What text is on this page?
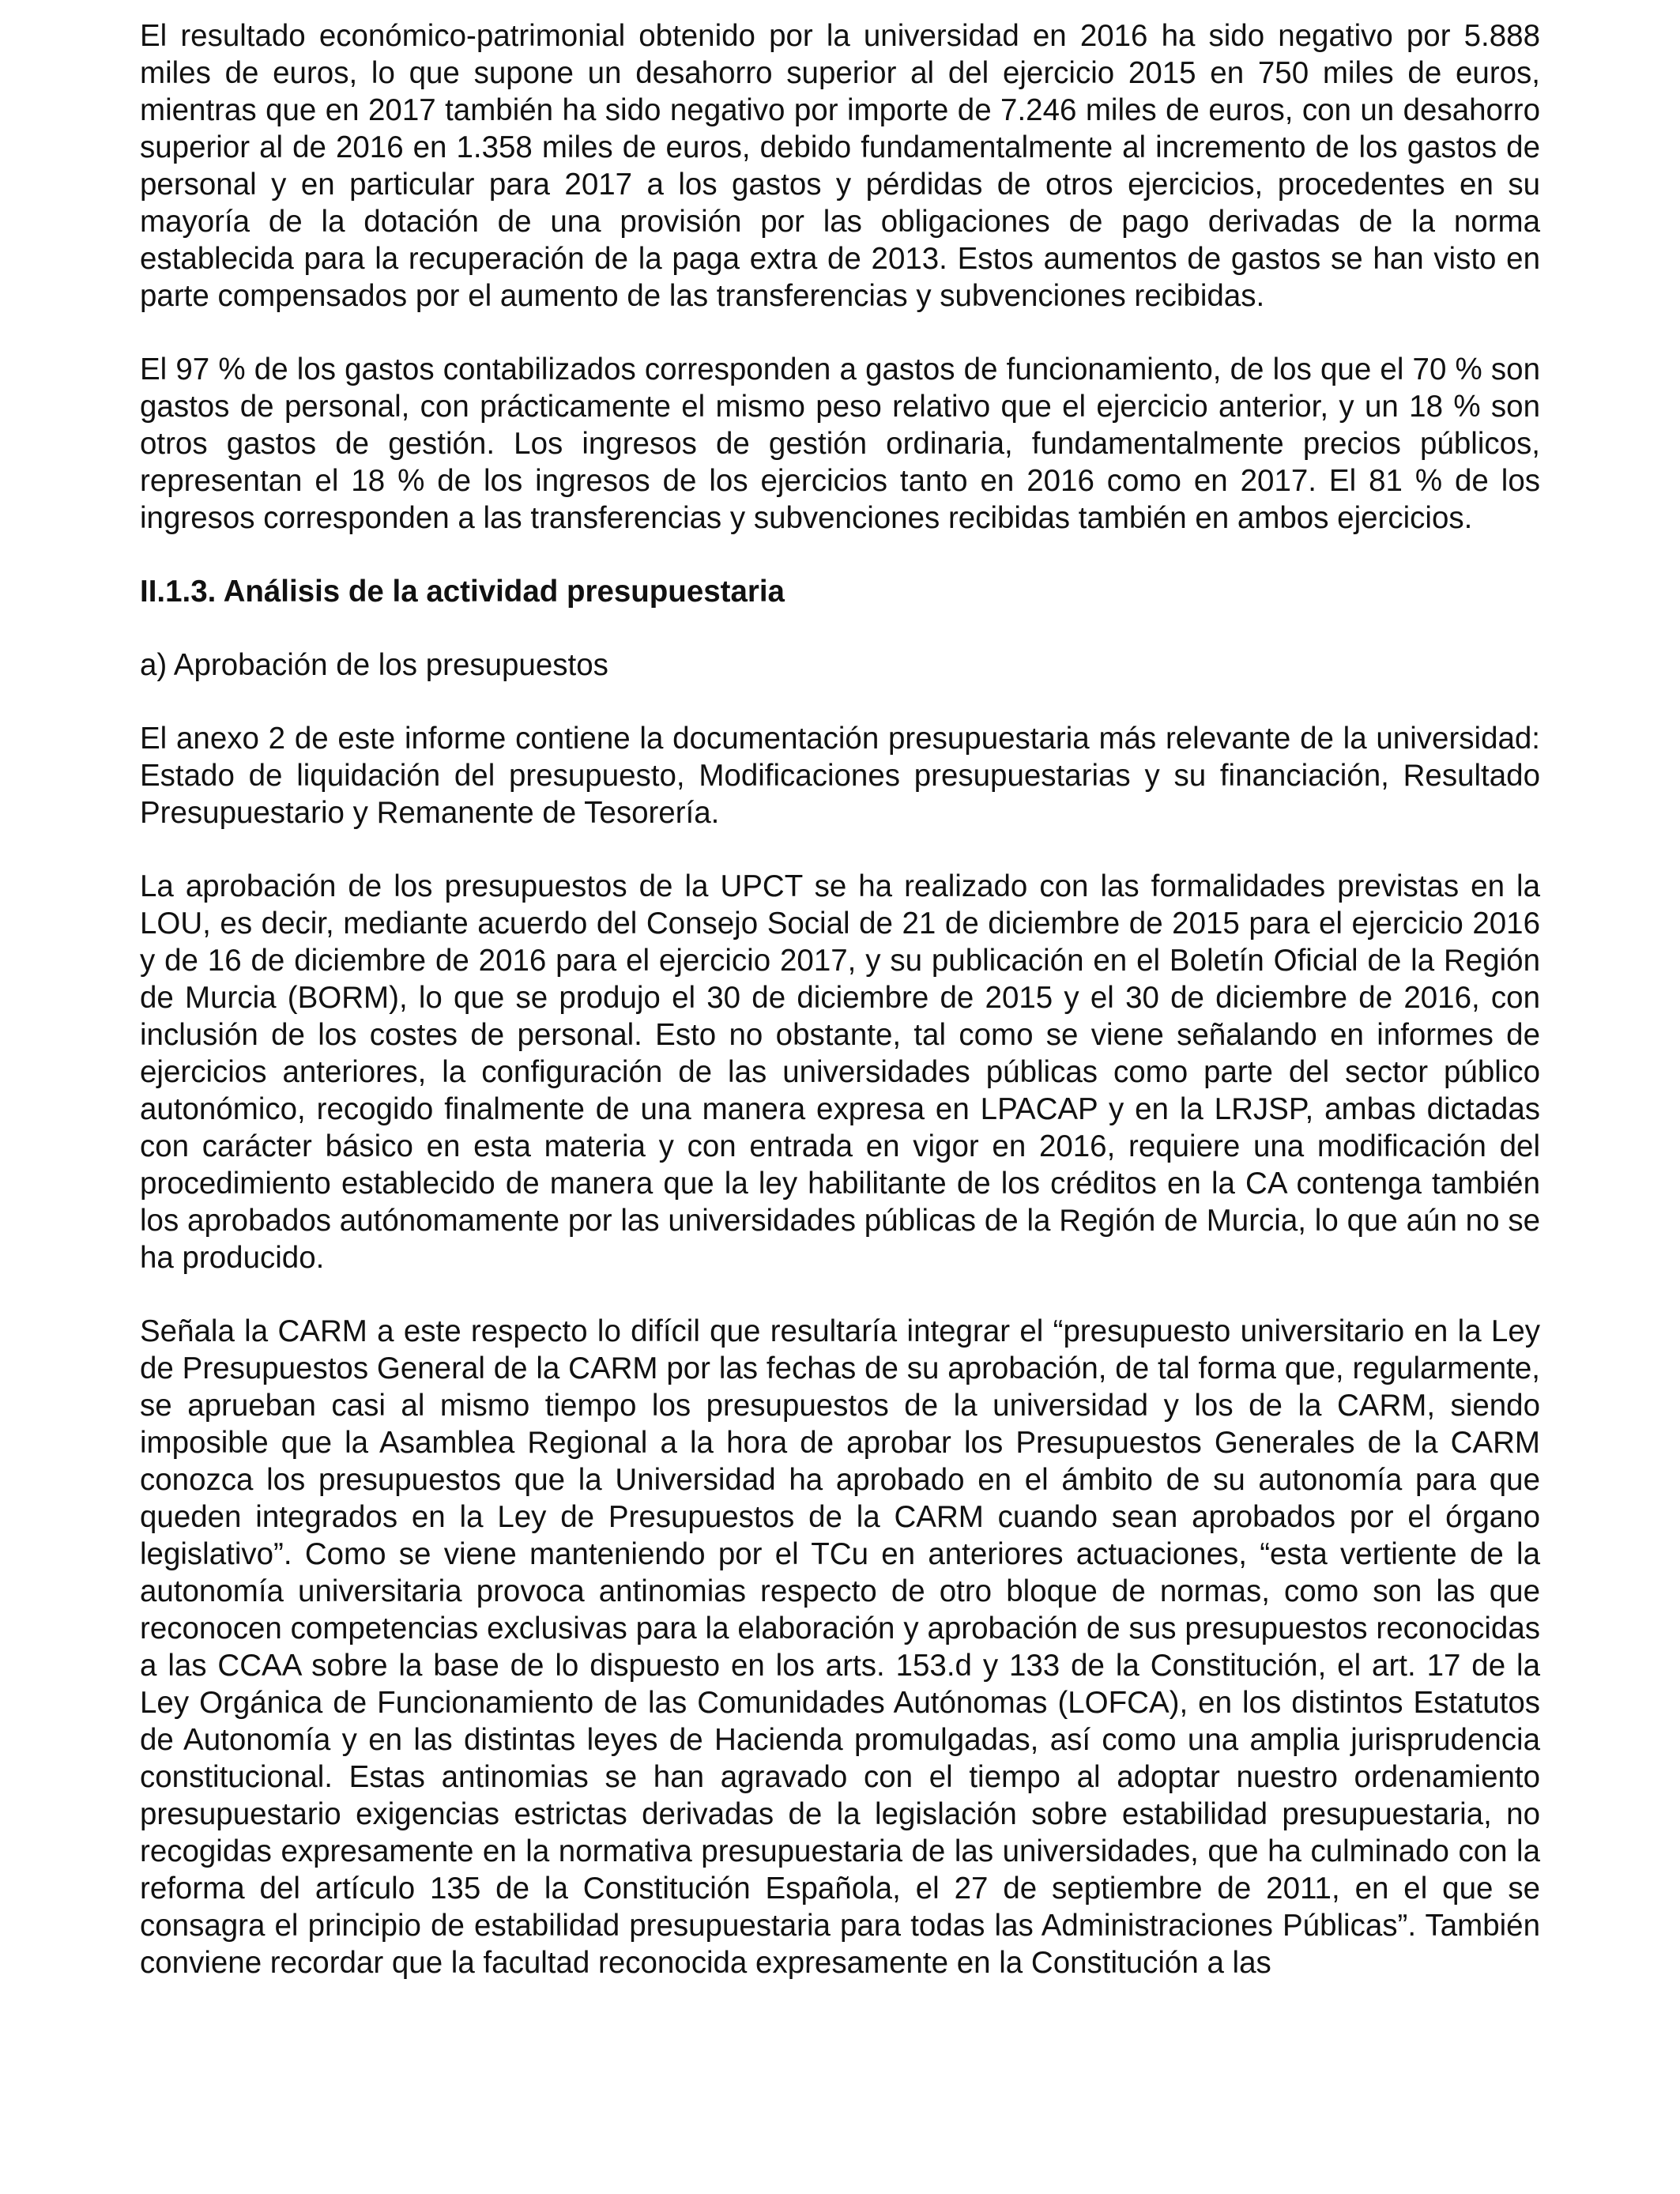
El resultado económico-patrimonial obtenido por la universidad en 2016 ha sido negativo por 5.888 miles de euros, lo que supone un desahorro superior al del ejercicio 2015 en 750 miles de euros, mientras que en 2017 también ha sido negativo por importe de 7.246 miles de euros, con un desahorro superior al de 2016 en 1.358 miles de euros, debido fundamentalmente al incremento de los gastos de personal y en particular para 2017 a los gastos y pérdidas de otros ejercicios, procedentes en su mayoría de la dotación de una provisión por las obligaciones de pago derivadas de la norma establecida para la recuperación de la paga extra de 2013. Estos aumentos de gastos se han visto en parte compensados por el aumento de las transferencias y subvenciones recibidas.

El 97 % de los gastos contabilizados corresponden a gastos de funcionamiento, de los que el 70 % son gastos de personal, con prácticamente el mismo peso relativo que el ejercicio anterior, y un 18 % son otros gastos de gestión. Los ingresos de gestión ordinaria, fundamentalmente precios públicos, representan el 18 % de los ingresos de los ejercicios tanto en 2016 como en 2017. El 81 % de los ingresos corresponden a las transferencias y subvenciones recibidas también en ambos ejercicios.

II.1.3. Análisis de la actividad presupuestaria

a) Aprobación de los presupuestos

El anexo 2 de este informe contiene la documentación presupuestaria más relevante de la universidad: Estado de liquidación del presupuesto, Modificaciones presupuestarias y su financiación, Resultado Presupuestario y Remanente de Tesorería.

La aprobación de los presupuestos de la UPCT se ha realizado con las formalidades previstas en la LOU, es decir, mediante acuerdo del Consejo Social de 21 de diciembre de 2015 para el ejercicio 2016 y de 16 de diciembre de 2016 para el ejercicio 2017, y su publicación en el Boletín Oficial de la Región de Murcia (BORM), lo que se produjo el 30 de diciembre de 2015 y el 30 de diciembre de 2016, con inclusión de los costes de personal. Esto no obstante, tal como se viene señalando en informes de ejercicios anteriores, la configuración de las universidades públicas como parte del sector público autonómico, recogido finalmente de una manera expresa en LPACAP y en la LRJSP, ambas dictadas con carácter básico en esta materia y con entrada en vigor en 2016, requiere una modificación del procedimiento establecido de manera que la ley habilitante de los créditos en la CA contenga también los aprobados autónomamente por las universidades públicas de la Región de Murcia, lo que aún no se ha producido.

Señala la CARM a este respecto lo difícil que resultaría integrar el “presupuesto universitario en la Ley de Presupuestos General de la CARM por las fechas de su aprobación, de tal forma que, regularmente, se aprueban casi al mismo tiempo los presupuestos de la universidad y los de la CARM, siendo imposible que la Asamblea Regional a la hora de aprobar los Presupuestos Generales de la CARM conozca los presupuestos que la Universidad ha aprobado en el ámbito de su autonomía para que queden integrados en la Ley de Presupuestos de la CARM cuando sean aprobados por el órgano legislativo”. Como se viene manteniendo por el TCu en anteriores actuaciones, “esta vertiente de la autonomía universitaria provoca antinomias respecto de otro bloque de normas, como son las que reconocen competencias exclusivas para la elaboración y aprobación de sus presupuestos reconocidas a las CCAA sobre la base de lo dispuesto en los arts. 153.d y 133 de la Constitución, el art. 17 de la Ley Orgánica de Funcionamiento de las Comunidades Autónomas (LOFCA), en los distintos Estatutos de Autonomía y en las distintas leyes de Hacienda promulgadas, así como una amplia jurisprudencia constitucional. Estas antinomias se han agravado con el tiempo al adoptar nuestro ordenamiento presupuestario exigencias estrictas derivadas de la legislación sobre estabilidad presupuestaria, no recogidas expresamente en la normativa presupuestaria de las universidades, que ha culminado con la reforma del artículo 135 de la Constitución Española, el 27 de septiembre de 2011, en el que se consagra el principio de estabilidad presupuestaria para todas las Administraciones Públicas”. También conviene recordar que la facultad reconocida expresamente en la Constitución a las
